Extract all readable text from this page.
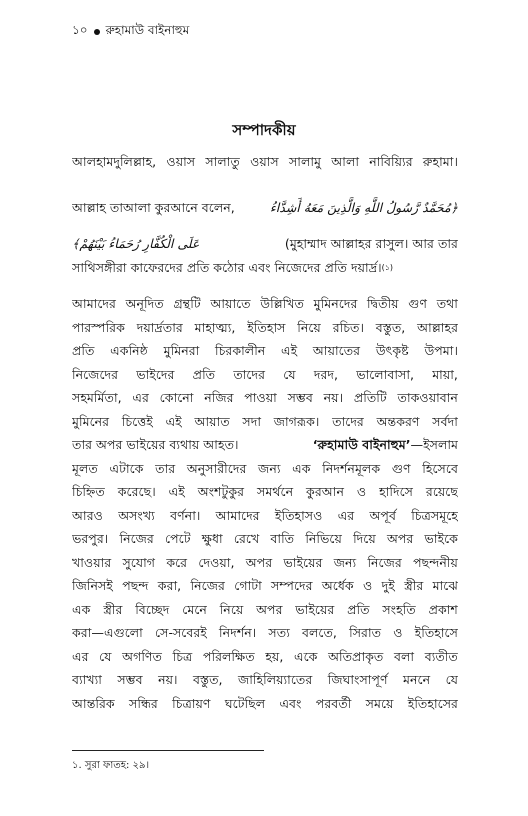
১০ রুহামাউ বাইনাহুম
সম্পাদকীয়
আলহামদুলিল্লাহ, ওয়াস সালাতু ওয়াস সালামু আলা নাবিয়্যির রুহামা।
আল্লাহ তাআলা কুরআনে বলেন,	﴿مُحَمَّدٌ رَّسُولُ اللَّهِ وَالَّذِينَ مَعَهُ أَشِدَّاءُ
عَلَى الْكُفَّارِ رُحَمَاءُ بَيْنَهُمْ﴾	(মুহাম্মাদ আল্লাহর রাসুল। আর তার
সাথিসঙ্গীরা কাফেরদের প্রতি কঠোর এবং নিজেদের প্রতি দয়ার্দ্র। (১)
আমাদের অনূদিত গ্রন্থটি আয়াতে উল্লিখিত মুমিনদের দ্বিতীয় গুণ তথা
পারস্পরিক দয়ার্দ্রতার মাহাত্ম্য, ইতিহাস নিয়ে রচিত। বস্তুত, আল্লাহর
প্রতি একনিষ্ঠ মুমিনরা চিরকালীন এই আয়াতের উৎকৃষ্ট উপমা।
নিজেদের ভাইদের প্রতি তাদের যে দরদ, ভালোবাসা, মায়া,
সহমর্মিতা, এর কোনো নজির পাওয়া সম্ভব নয়। প্রতিটি তাকওয়াবান
মুমিনের চিত্তেই এই আয়াত সদা জাগরূক। তাদের অন্তকরণ সর্বদা
তার অপর ভাইয়ের ব্যথায় আহত।	‘রুহামাউ বাইনাহুম’—ইসলাম
মূলত এটাকে তার অনুসারীদের জন্য এক নিদর্শনমূলক গুণ হিসেবে
চিহ্নিত করেছে। এই অংশটুকুর সমর্থনে কুরআন ও হাদিসে রয়েছে
আরও অসংখ্য বর্ণনা। আমাদের ইতিহাসও এর অপূর্ব চিত্রসমূহে
ভরপুর। নিজের পেটে ক্ষুধা রেখে বাতি নিভিয়ে দিয়ে অপর ভাইকে
খাওয়ার সুযোগ করে দেওয়া, অপর ভাইয়ের জন্য নিজের পছন্দনীয়
জিনিসই পছন্দ করা, নিজের গোটা সম্পদের অর্ধেক ও দুই স্ত্রীর মাঝে
এক স্ত্রীর বিচ্ছেদ মেনে নিয়ে অপর ভাইয়ের প্রতি সংহতি প্রকাশ
করা—এগুলো সে-সবেরই নিদর্শন। সত্য বলতে, সিরাত ও ইতিহাসে
এর যে অগণিত চিত্র পরিলক্ষিত হয়, একে অতিপ্রাকৃত বলা ব্যতীত
ব্যাখ্যা সম্ভব নয়। বস্তুত, জাহিলিয়্যাতের জিঘাংসাপূর্ণ মননে যে
আন্তরিক সন্ধির চিত্রায়ণ ঘটেছিল এবং পরবর্তী সময়ে ইতিহাসের
১. সুরা ফাতহ: ২৯।
